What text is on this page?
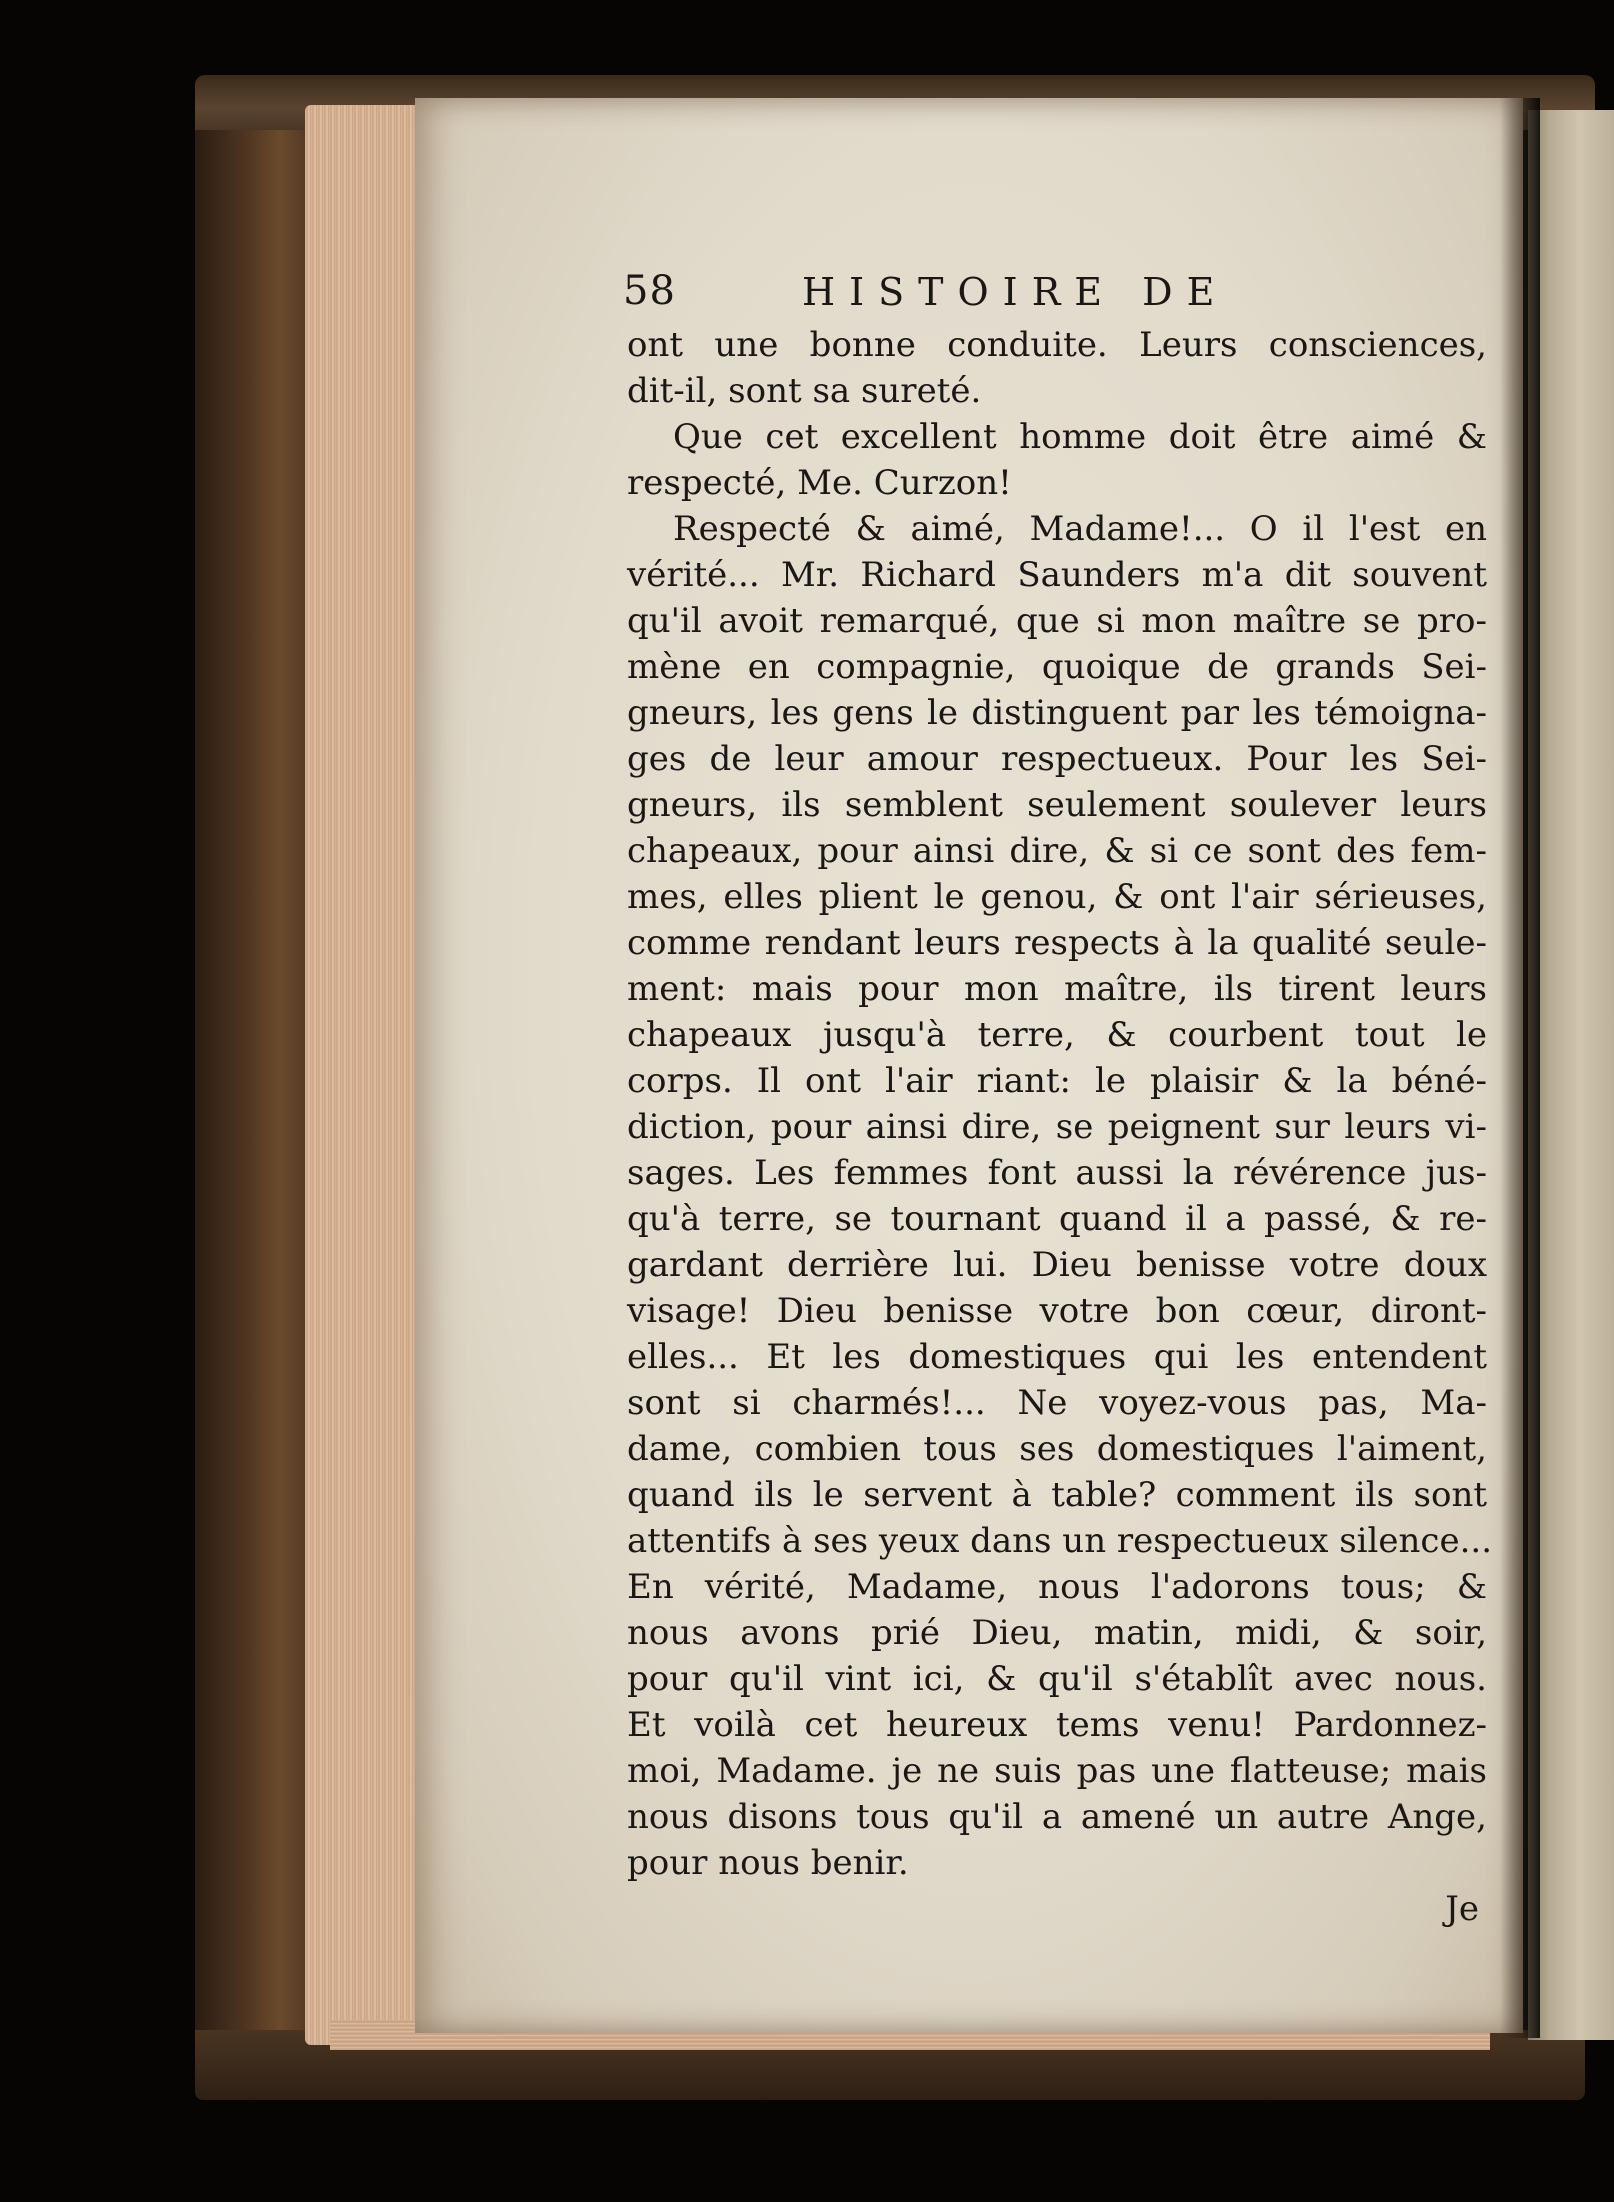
58	HISTOIRE DE
ont une bonne conduite. Leurs consciences,
dit-il, sont sa sureté.
Que cet excellent homme doit être aimé &
respecté, Me. Curzon!
Respecté & aimé, Madame!... O il l'est en
vérité... Mr. Richard Saunders m'a dit souvent
qu'il avoit remarqué, que si mon maître se pro-
mène en compagnie, quoique de grands Sei-
gneurs, les gens le distinguent par les témoigna-
ges de leur amour respectueux. Pour les Sei-
gneurs, ils semblent seulement soulever leurs
chapeaux, pour ainsi dire, & si ce sont des fem-
mes, elles plient le genou, & ont l'air sérieuses,
comme rendant leurs respects à la qualité seule-
ment: mais pour mon maître, ils tirent leurs
chapeaux jusqu'à terre, & courbent tout le
corps. Il ont l'air riant: le plaisir & la béné-
diction, pour ainsi dire, se peignent sur leurs vi-
sages. Les femmes font aussi la révérence jus-
qu'à terre, se tournant quand il a passé, & re-
gardant derrière lui. Dieu benisse votre doux
visage! Dieu benisse votre bon cœur, diront-
elles... Et les domestiques qui les entendent
sont si charmés!... Ne voyez-vous pas, Ma-
dame, combien tous ses domestiques l'aiment,
quand ils le servent à table? comment ils sont
attentifs à ses yeux dans un respectueux silence...
En vérité, Madame, nous l'adorons tous; &
nous avons prié Dieu, matin, midi, & soir,
pour qu'il vint ici, & qu'il s'établît avec nous.
Et voilà cet heureux tems venu! Pardonnez-
moi, Madame. je ne suis pas une flatteuse; mais
nous disons tous qu'il a amené un autre Ange,
pour nous benir.
Je
